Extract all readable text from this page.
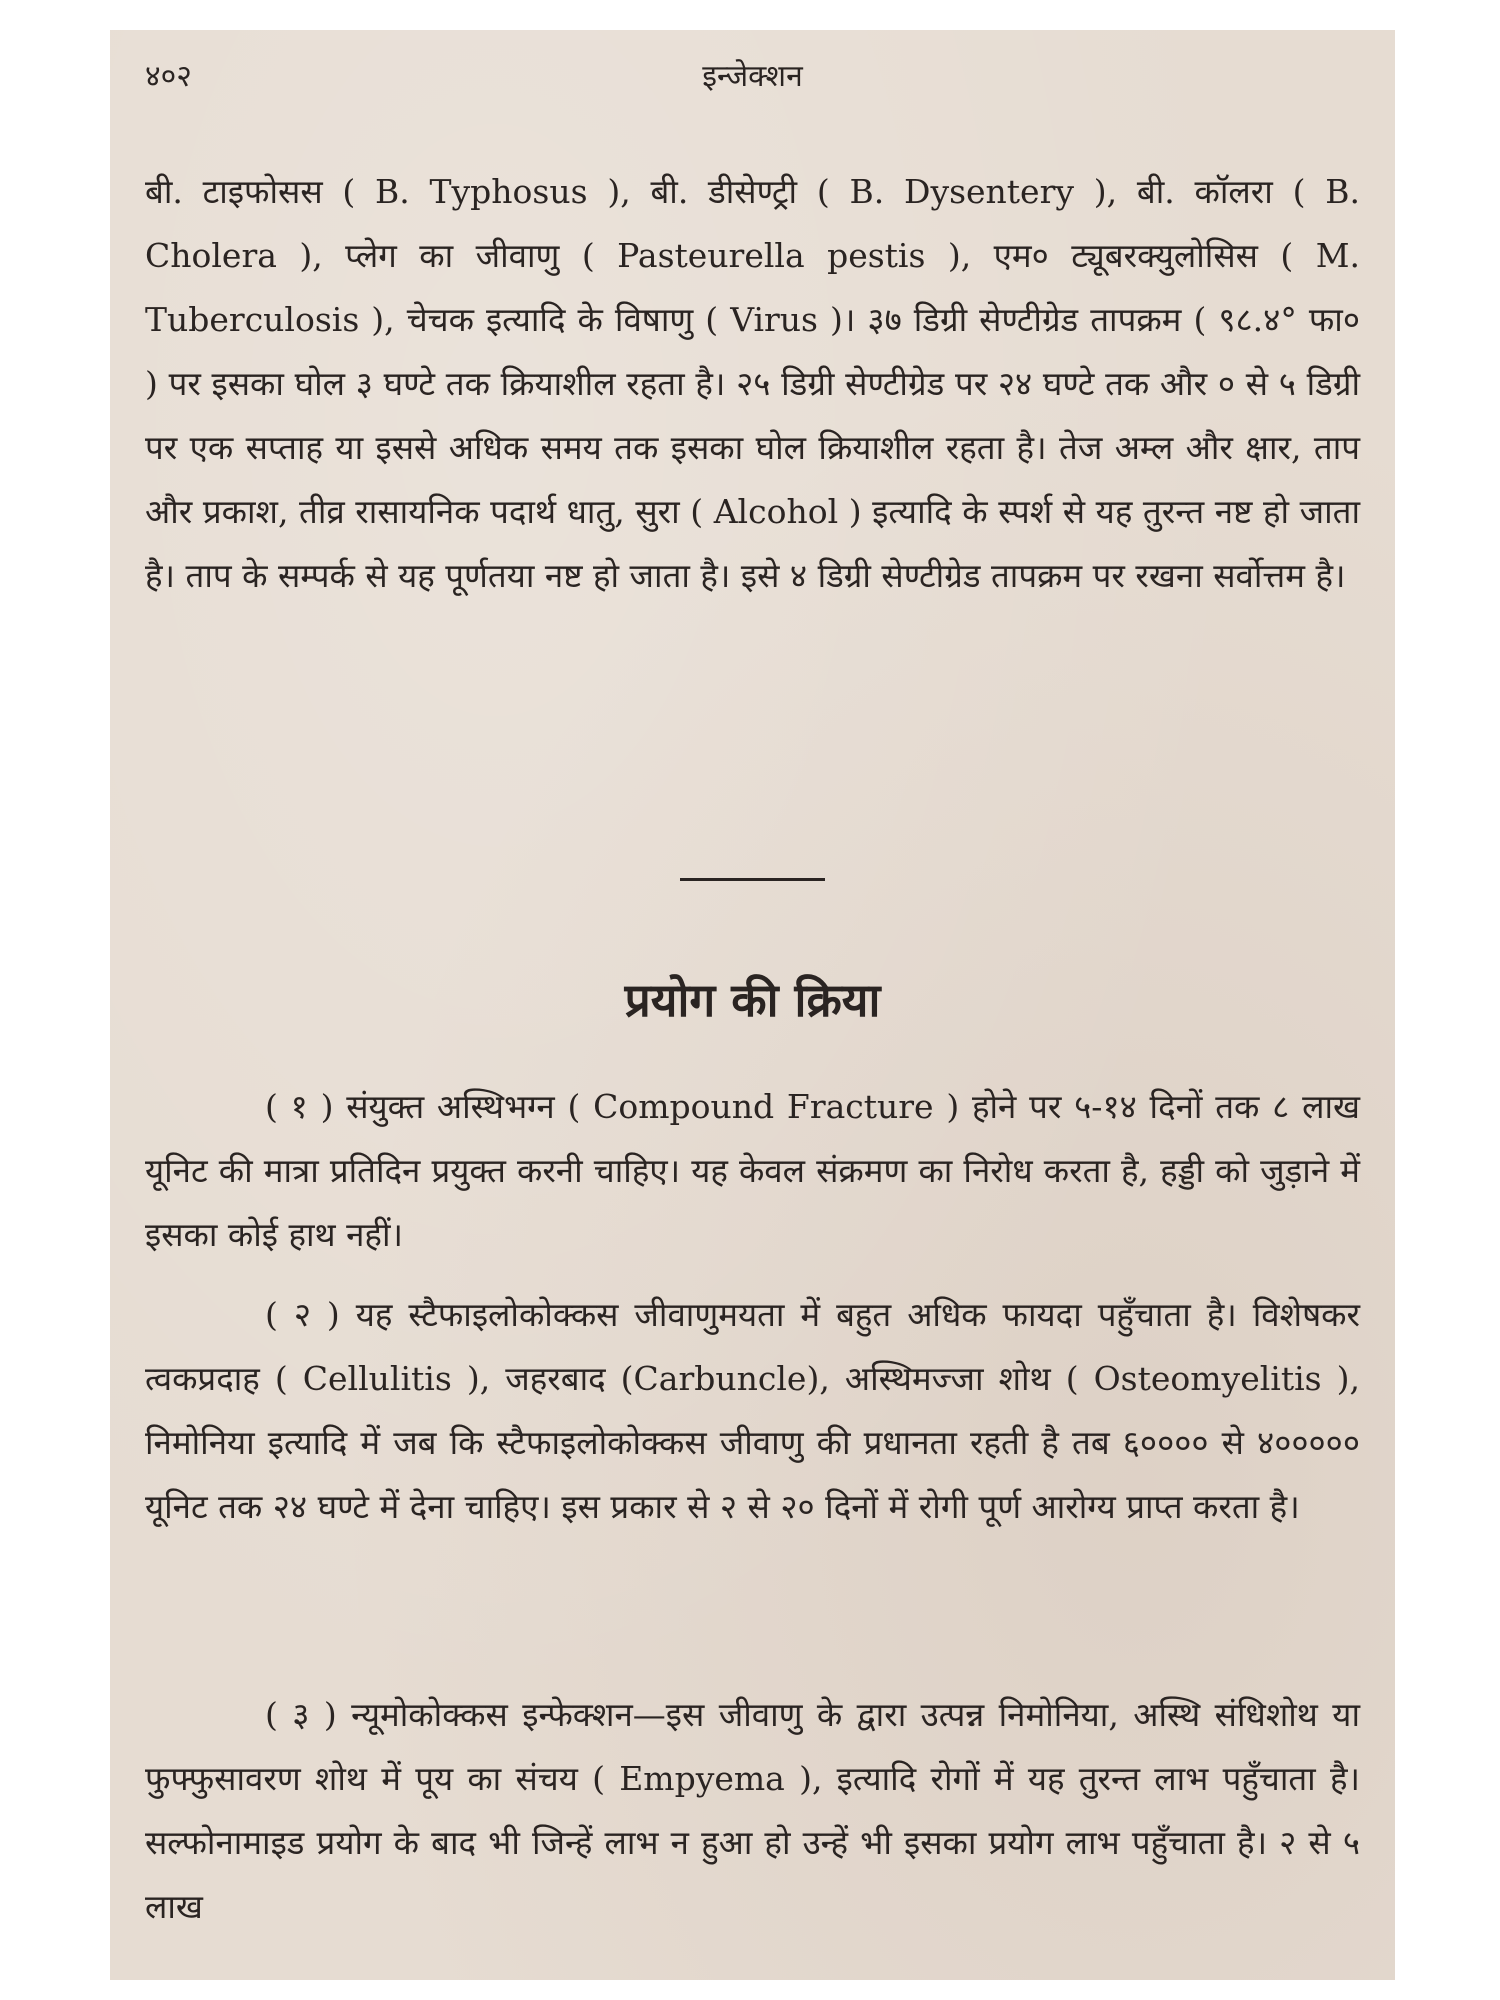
४०२	इन्जेक्शन

बी. टाइफोसस ( B. Typhosus ), बी. डीसेण्ट्री ( B. Dysentery ), बी. कॉलरा ( B. Cholera ), प्लेग का जीवाणु ( Pasteurella pestis ), एम० ट्यूबरक्युलोसिस ( M. Tuberculosis ), चेचक इत्यादि के विषाणु ( Virus )। ३७ डिग्री सेण्टीग्रेड तापक्रम ( ९८.४° फा० ) पर इसका घोल ३ घण्टे तक क्रियाशील रहता है। २५ डिग्री सेण्टीग्रेड पर २४ घण्टे तक और ० से ५ डिग्री पर एक सप्ताह या इससे अधिक समय तक इसका घोल क्रियाशील रहता है। तेज अम्ल और क्षार, ताप और प्रकाश, तीव्र रासायनिक पदार्थ धातु, सुरा ( Alcohol ) इत्यादि के स्पर्श से यह तुरन्त नष्ट हो जाता है। ताप के सम्पर्क से यह पूर्णतया नष्ट हो जाता है। इसे ४ डिग्री सेण्टीग्रेड तापक्रम पर रखना सर्वोत्तम है।

प्रयोग की क्रिया

( १ ) संयुक्त अस्थिभग्न ( Compound Fracture ) होने पर ५-१४ दिनों तक ८ लाख यूनिट की मात्रा प्रतिदिन प्रयुक्त करनी चाहिए। यह केवल संक्रमण का निरोध करता है, हड्डी को जुड़ाने में इसका कोई हाथ नहीं।

( २ ) यह स्टैफाइलोकोक्कस जीवाणुमयता में बहुत अधिक फायदा पहुँचाता है। विशेषकर त्वकप्रदाह ( Cellulitis ), जहरबाद (Carbuncle), अस्थिमज्जा शोथ ( Osteomyelitis ), निमोनिया इत्यादि में जब कि स्टैफाइलोकोक्कस जीवाणु की प्रधानता रहती है तब ६०००० से ४००००० यूनिट तक २४ घण्टे में देना चाहिए। इस प्रकार से २ से २० दिनों में रोगी पूर्ण आरोग्य प्राप्त करता है।

( ३ ) न्यूमोकोक्कस इन्फेक्शन—इस जीवाणु के द्वारा उत्पन्न निमोनिया, अस्थि संधिशोथ या फुफ्फुसावरण शोथ में पूय का संचय ( Empyema ), इत्यादि रोगों में यह तुरन्त लाभ पहुँचाता है। सल्फोनामाइड प्रयोग के बाद भी जिन्हें लाभ न हुआ हो उन्हें भी इसका प्रयोग लाभ पहुँचाता है। २ से ५ लाख
